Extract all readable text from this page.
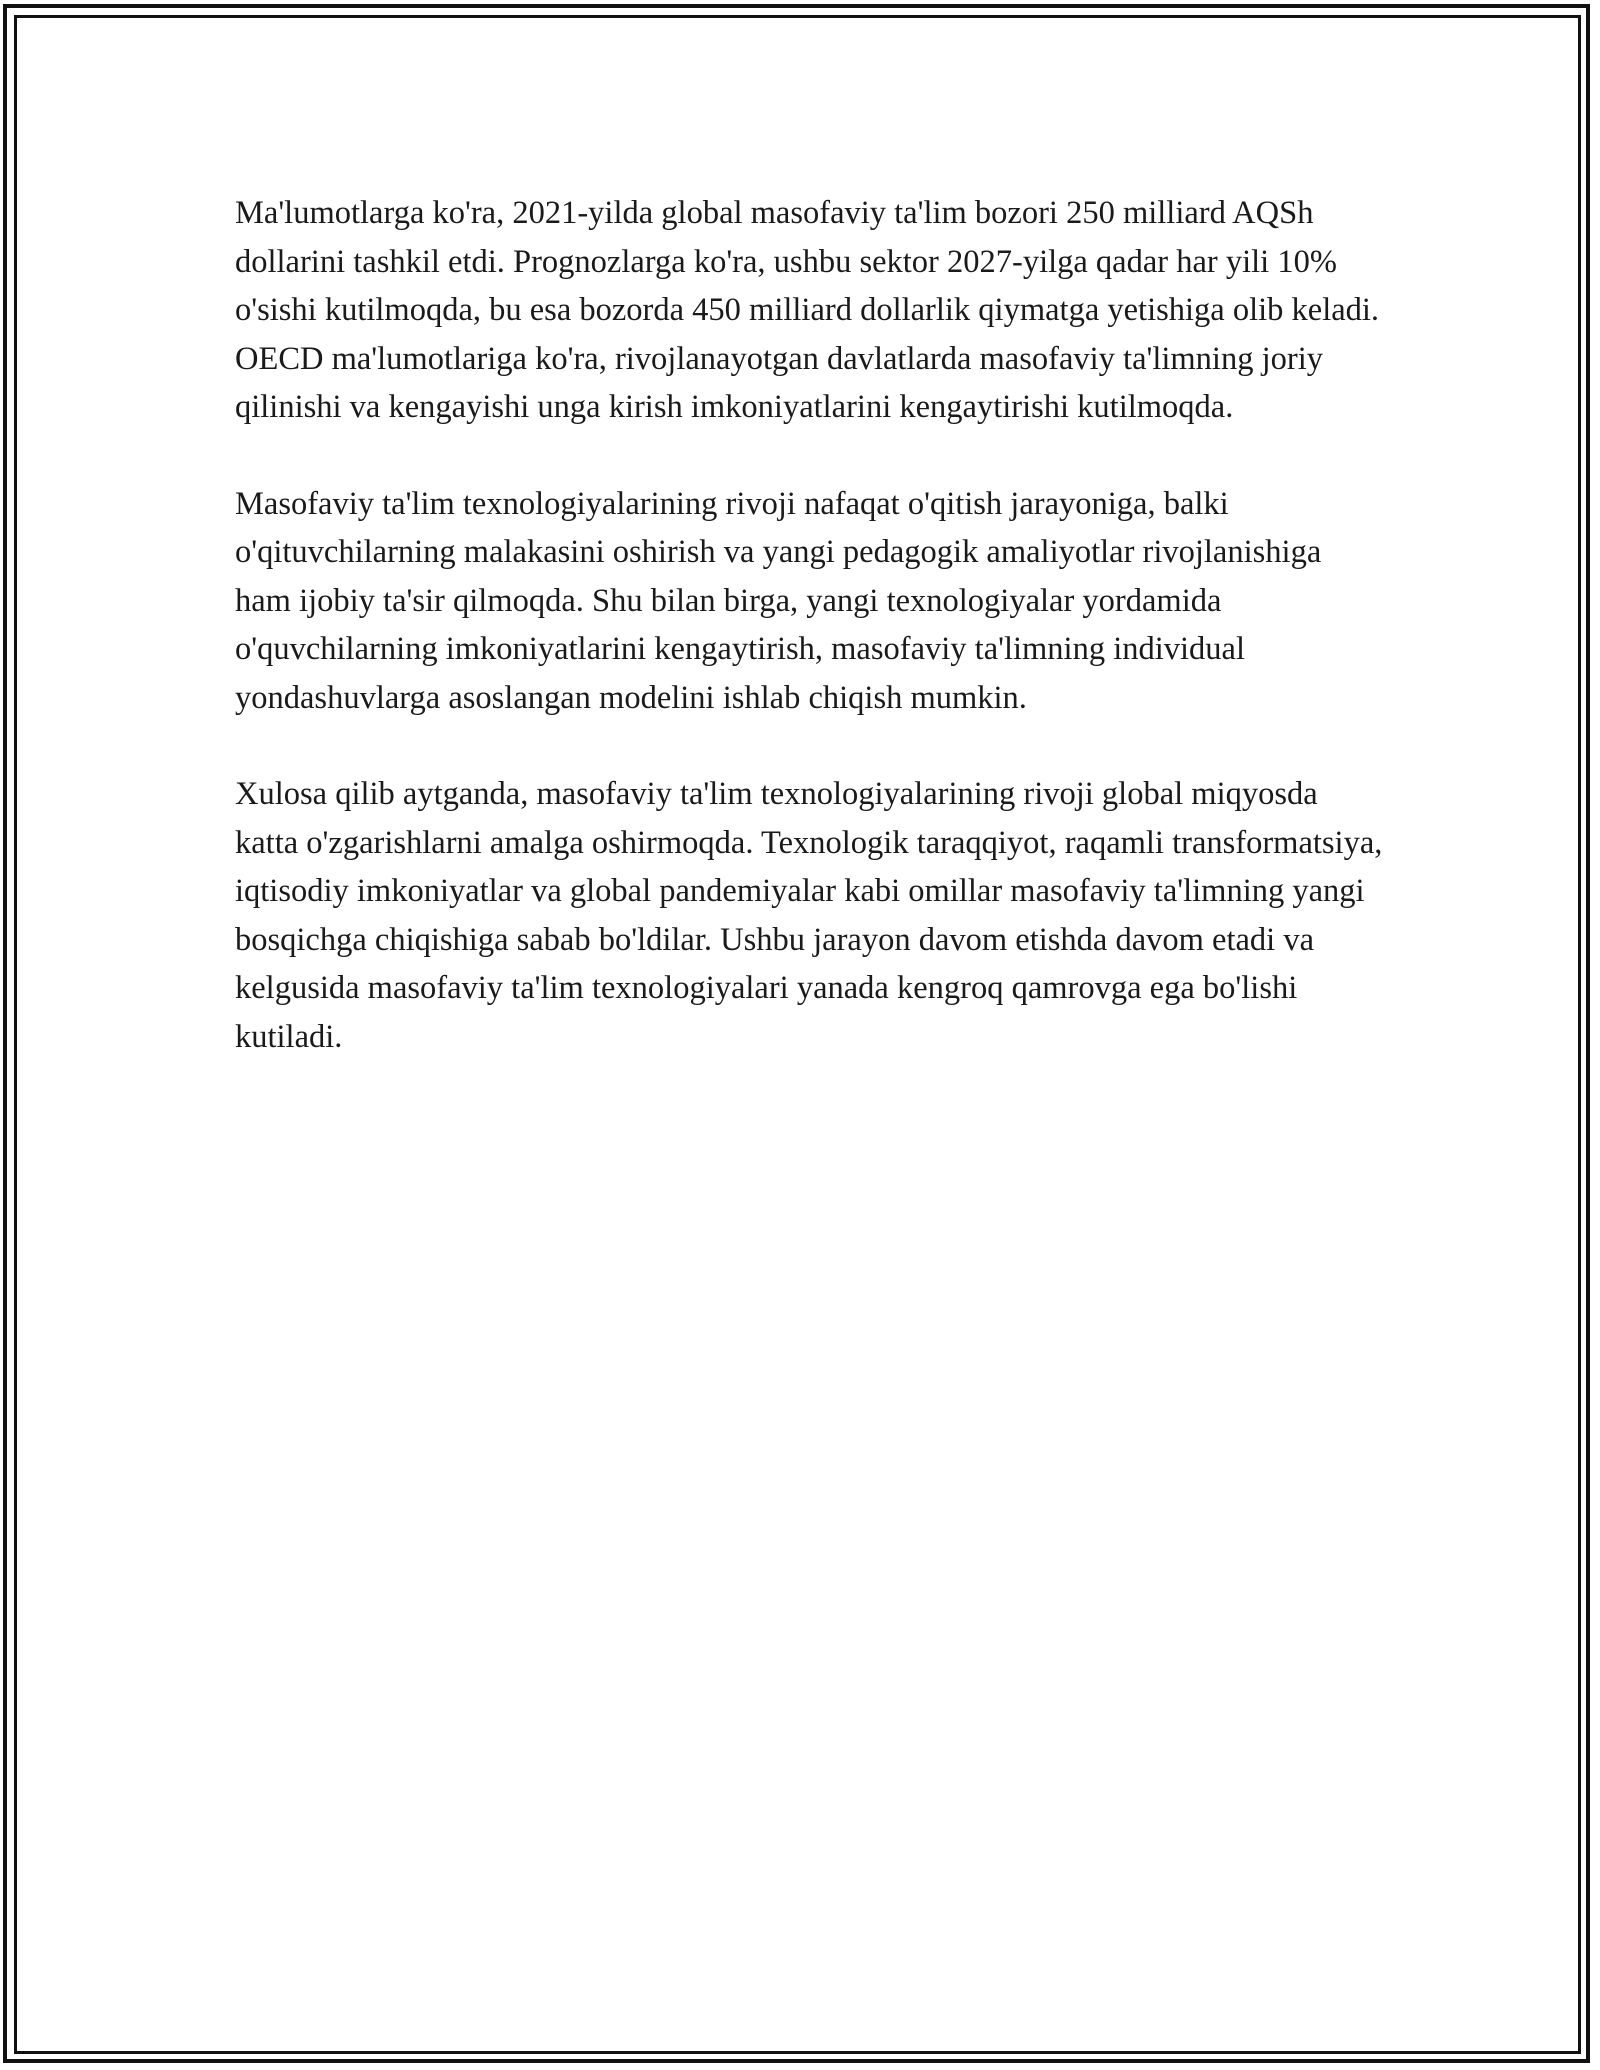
Ma'lumotlarga ko'ra, 2021-yilda global masofaviy ta'lim bozori 250 milliard AQSh dollarini tashkil etdi. Prognozlarga ko'ra, ushbu sektor 2027-yilga qadar har yili 10% o'sishi kutilmoqda, bu esa bozorda 450 milliard dollarlik qiymatga yetishiga olib keladi. OECD ma'lumotlariga ko'ra, rivojlanayotgan davlatlarda masofaviy ta'limning joriy qilinishi va kengayishi unga kirish imkoniyatlarini kengaytirishi kutilmoqda.

Masofaviy ta'lim texnologiyalarining rivoji nafaqat o'qitish jarayoniga, balki o'qituvchilarning malakasini oshirish va yangi pedagogik amaliyotlar rivojlanishiga ham ijobiy ta'sir qilmoqda. Shu bilan birga, yangi texnologiyalar yordamida o'quvchilarning imkoniyatlarini kengaytirish, masofaviy ta'limning individual yondashuvlarga asoslangan modelini ishlab chiqish mumkin.

Xulosa qilib aytganda, masofaviy ta'lim texnologiyalarining rivoji global miqyosda katta o'zgarishlarni amalga oshirmoqda. Texnologik taraqqiyot, raqamli transformatsiya, iqtisodiy imkoniyatlar va global pandemiyalar kabi omillar masofaviy ta'limning yangi bosqichga chiqishiga sabab bo'ldilar. Ushbu jarayon davom etishda davom etadi va kelgusida masofaviy ta'lim texnologiyalari yanada kengroq qamrovga ega bo'lishi kutiladi.
